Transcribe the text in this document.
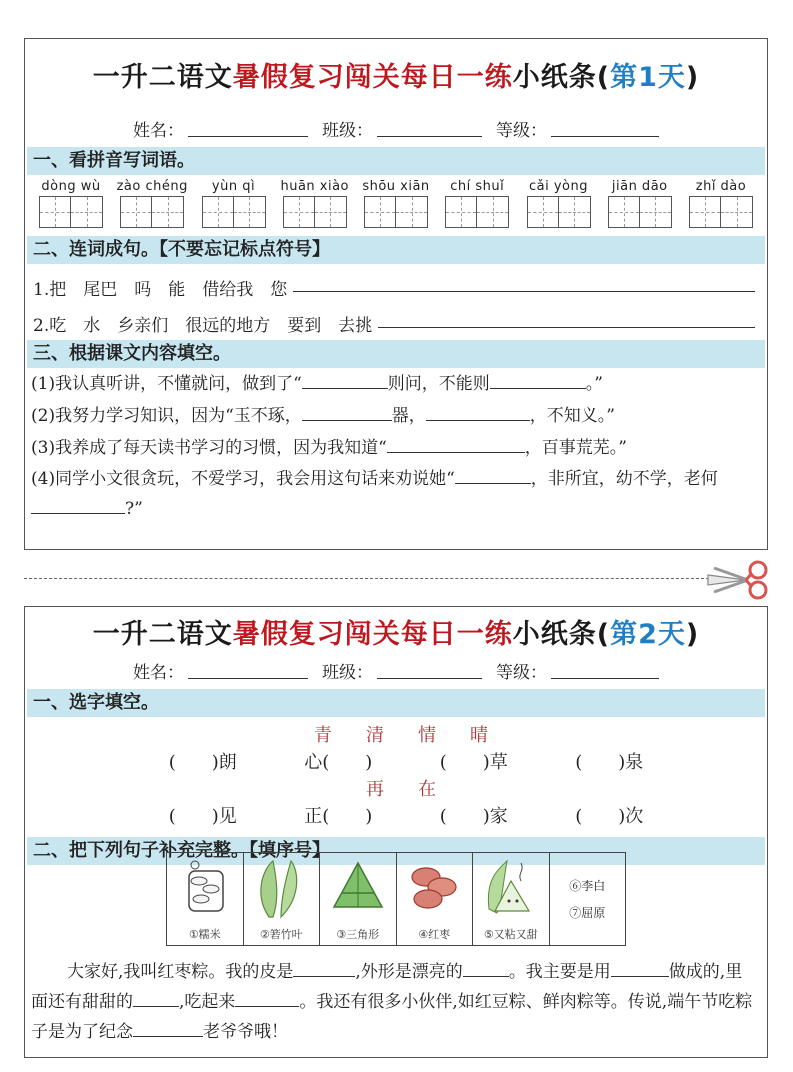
一升二语文暑假复习闯关每日一练小纸条(第1天)
姓名：	班级：	等级：
一、看拼音写词语。
dòng wù zào chéng yùn qì huān xiào shōu xiān chí shuǐ cǎi yòng jiān dāo zhǐ dào
二、连词成句。【不要忘记标点符号】
1.把　尾巴　吗　能　借给我　您
2.吃　水　乡亲们　很远的地方　要到　去挑
三、根据课文内容填空。
(1)我认真听讲，不懂就问，做到了“	则问，不能则	。”
(2)我努力学习知识，因为“玉不琢，	器，	，不知义。”
(3)我养成了每天读书学习的习惯，因为我知道“	，百事荒芜。”
(4)同学小文很贪玩，不爱学习，我会用这句话来劝说她“	，非所宜，幼不学，老何?”
一升二语文暑假复习闯关每日一练小纸条(第2天)
姓名：	班级：	等级：
一、选字填空。
青 清 情 晴
(　　)朗	心(　　)	(　　)草	(　　)泉
再 在
(　　)见	正(　　)	(　　)家	(　　)次
二、把下列句子补充完整。【填序号】
①糯米	②箬竹叶	③三角形	④红枣	⑤又粘又甜
⑥李白
⑦屈原
大家好,我叫红枣粽。我的皮是	,外形是漂亮的	。我主要是用	做成的,里面还有甜甜的	,吃起来	。我还有很多小伙伴,如红豆粽、鲜肉粽等。传说,端午节吃粽子是为了纪念	老爷爷哦！
